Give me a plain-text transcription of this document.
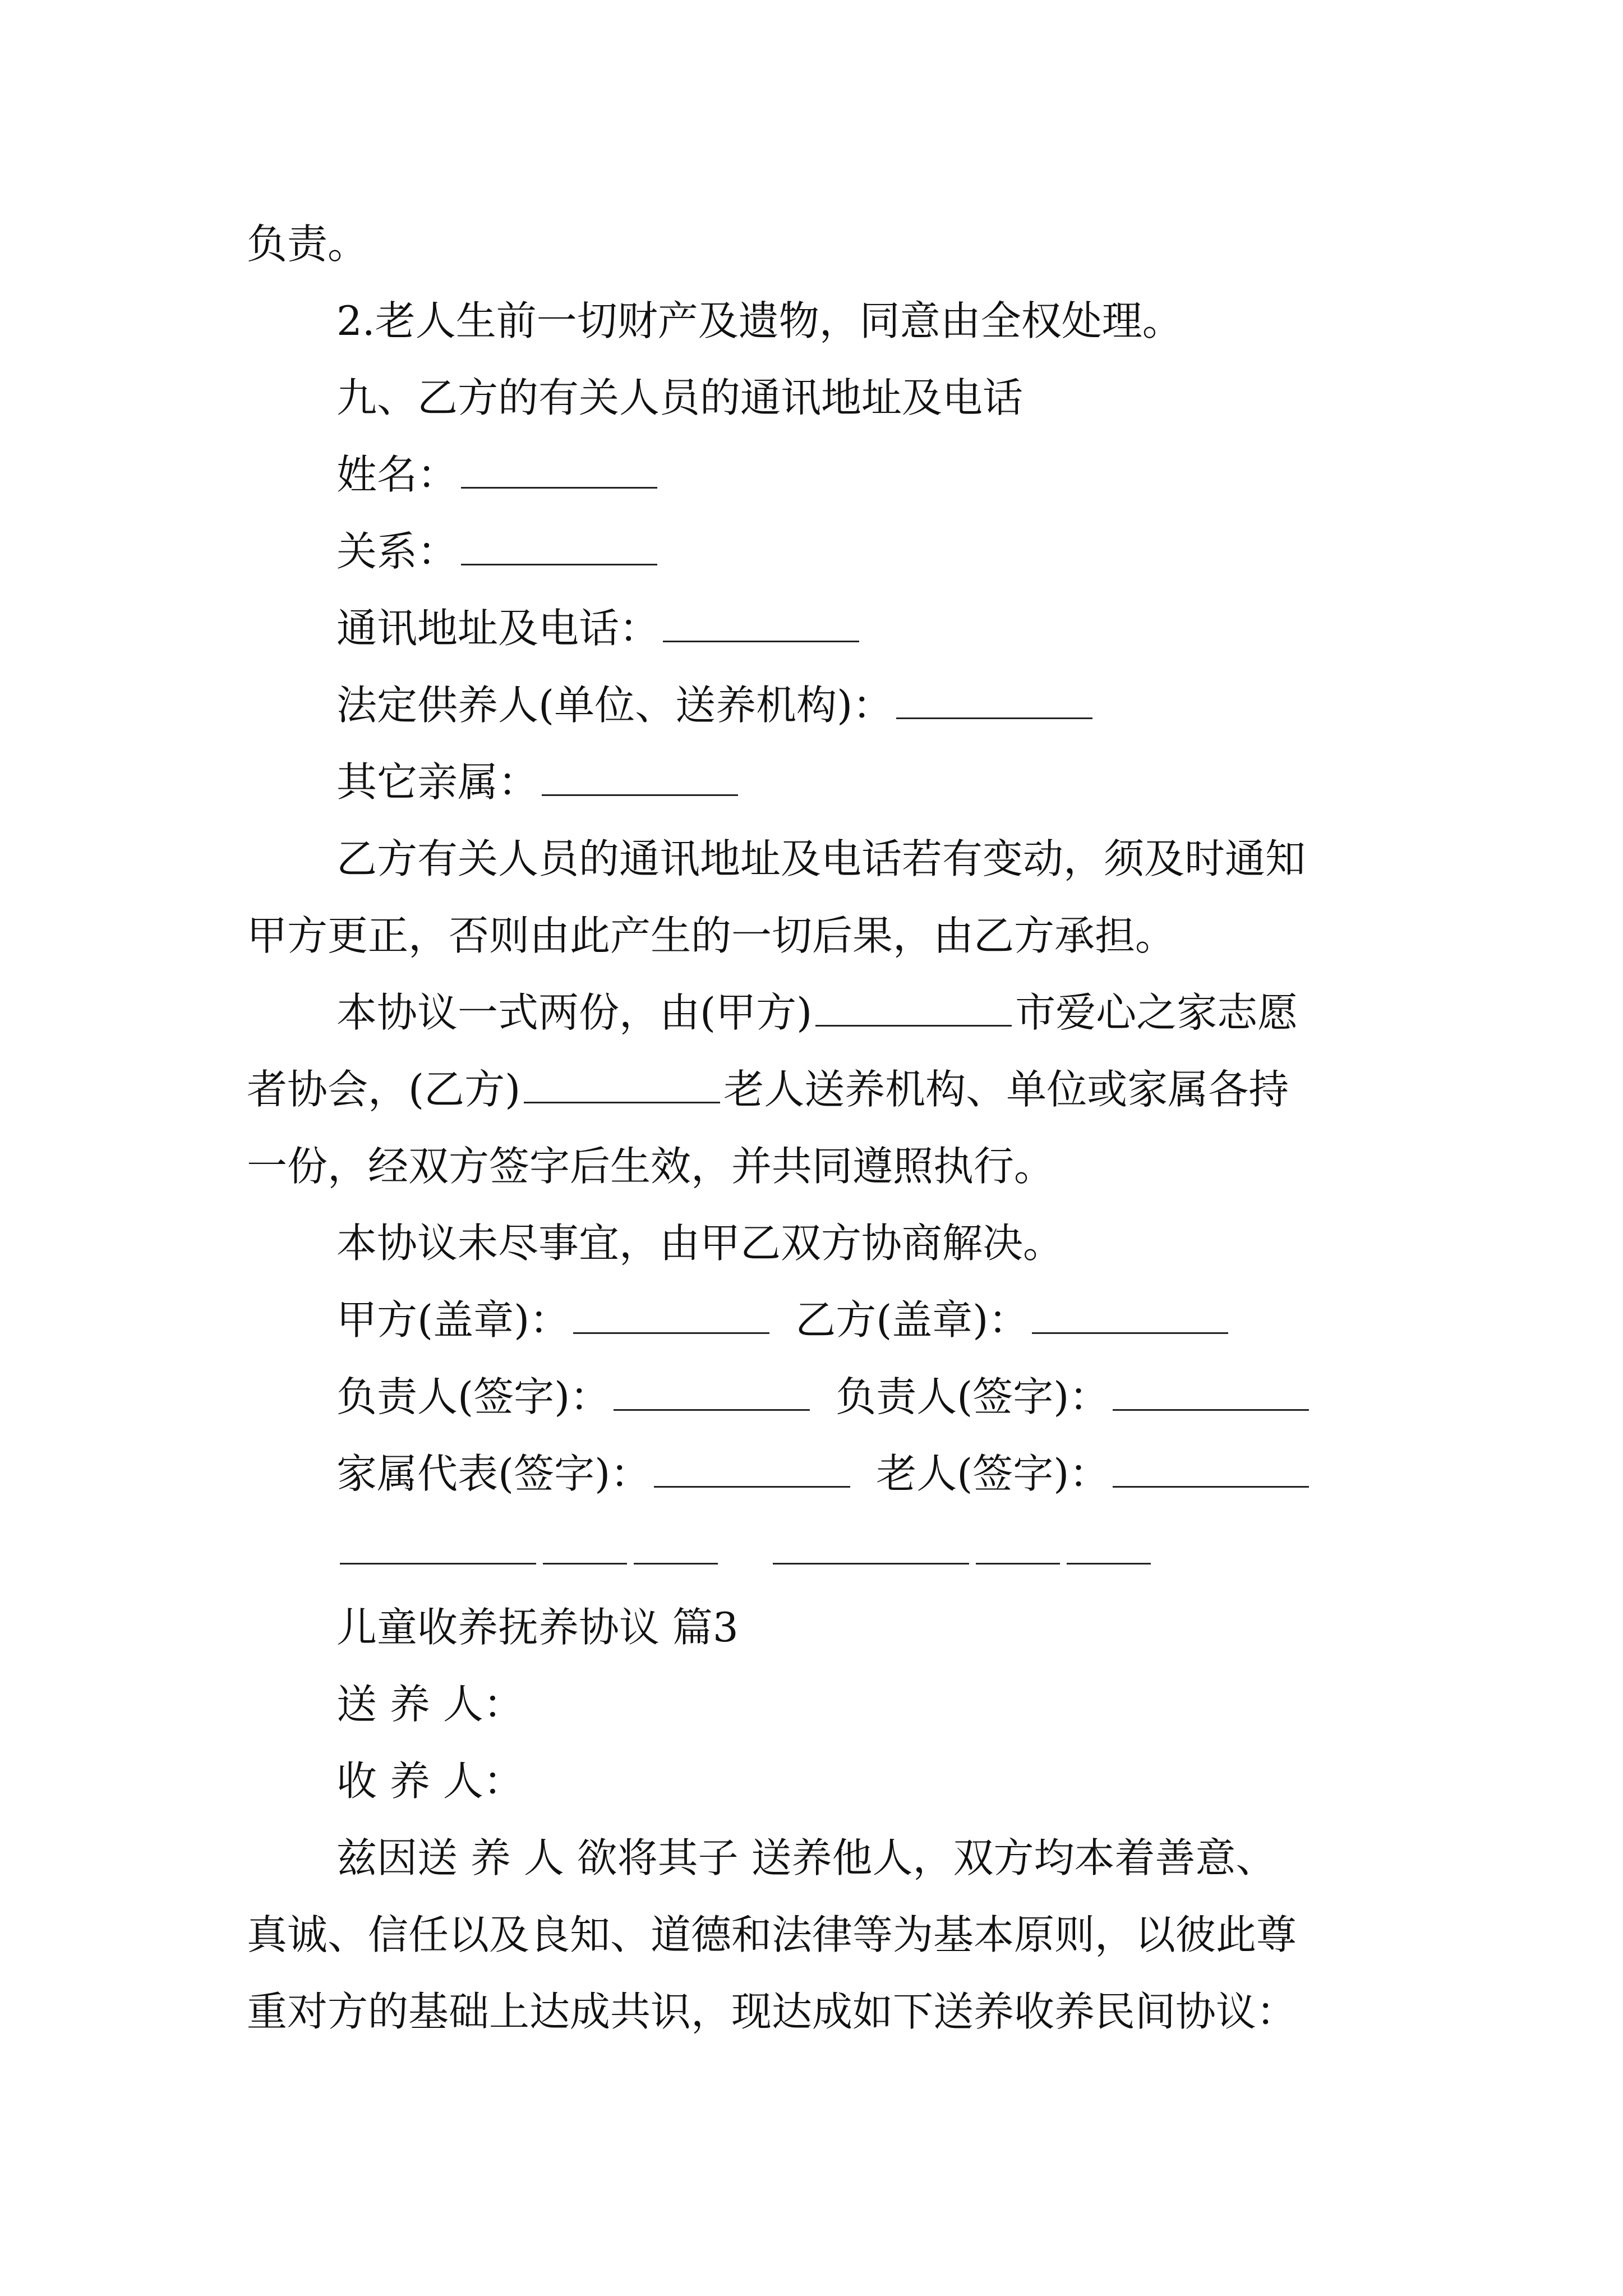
负责。
2.老人生前一切财产及遗物，同意由全权处理。
九、乙方的有关人员的通讯地址及电话
姓名：
关系：
通讯地址及电话：
法定供养人(单位、送养机构)：
其它亲属：
乙方有关人员的通讯地址及电话若有变动，须及时通知
甲方更正，否则由此产生的一切后果，由乙方承担。
本协议一式两份，由(甲方)	市爱心之家志愿
者协会，(乙方)	老人送养机构、单位或家属各持
一份，经双方签字后生效，并共同遵照执行。
本协议未尽事宜，由甲乙双方协商解决。
甲方(盖章)：	乙方(盖章)：
负责人(签字)：	负责人(签字)：
家属代表(签字)：	老人(签字)：

儿童收养抚养协议 篇3
送 养 人：
收 养 人：
兹因送 养 人 欲将其子 送养他人，双方均本着善意、
真诚、信任以及良知、道德和法律等为基本原则，以彼此尊
重对方的基础上达成共识，现达成如下送养收养民间协议：
